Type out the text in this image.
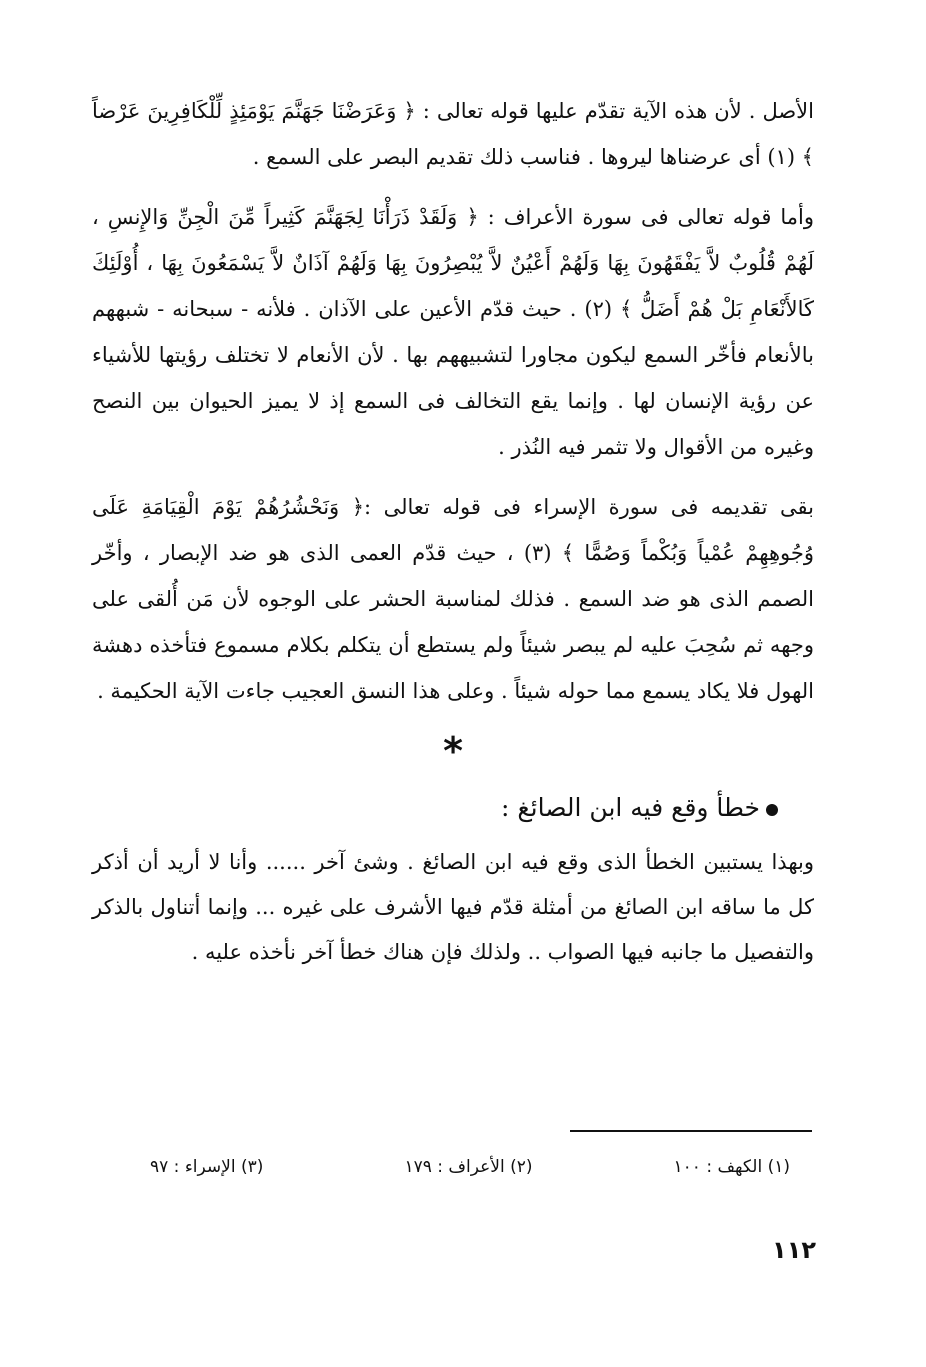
الأصل . لأن هذه الآية تقدّم عليها قوله تعالى : ﴿ وَعَرَضْنَا جَهَنَّمَ يَوْمَئِذٍ لِّلْكَافِرِينَ عَرْضاً ﴾ (١) أى عرضناها ليروها . فناسب ذلك تقديم البصر على السمع .

وأما قوله تعالى فى سورة الأعراف : ﴿ وَلَقَدْ ذَرَأْنَا لِجَهَنَّمَ كَثِيراً مِّنَ الْجِنِّ وَالإِنسِ ، لَهُمْ قُلُوبٌ لاَّ يَفْقَهُونَ بِهَا وَلَهُمْ أَعْيُنٌ لاَّ يُبْصِرُونَ بِهَا وَلَهُمْ آذَانٌ لاَّ يَسْمَعُونَ بِهَا ، أُوْلَئِكَ كَالأَنْعَامِ بَلْ هُمْ أَضَلُّ ﴾ (٢) . حيث قدّم الأعين على الآذان . فلأنه - سبحانه - شبههم بالأنعام فأخّر السمع ليكون مجاورا لتشبيههم بها . لأن الأنعام لا تختلف رؤيتها للأشياء عن رؤية الإنسان لها . وإنما يقع التخالف فى السمع إذ لا يميز الحيوان بين النصح وغيره من الأقوال ولا تثمر فيه النُذر .

بقى تقديمه فى سورة الإسراء فى قوله تعالى :﴿ وَنَحْشُرُهُمْ يَوْمَ الْقِيَامَةِ عَلَى وُجُوهِهِمْ عُمْياً وَبُكْماً وَصُمًّا ﴾ (٣) ، حيث قدّم العمى الذى هو ضد الإبصار ، وأخّر الصمم الذى هو ضد السمع . فذلك لمناسبة الحشر على الوجوه لأن مَن أُلقى على وجهه ثم سُحِبَ عليه لم يبصر شيئاً ولم يستطع أن يتكلم بكلام مسموع فتأخذه دهشة الهول فلا يكاد يسمع مما حوله شيئاً . وعلى هذا النسق العجيب جاءت الآية الحكيمة .

*
خطأ وقع فيه ابن الصائغ :

وبهذا يستبين الخطأ الذى وقع فيه ابن الصائغ . وشئ آخر ...... وأنا لا أريد أن أذكر كل ما ساقه ابن الصائغ من أمثلة قدّم فيها الأشرف على غيره ... وإنما أتناول بالذكر والتفصيل ما جانبه فيها الصواب .. ولذلك فإن هناك خطأ آخر نأخذه عليه .

(١) الكهف : ١٠٠
(٢) الأعراف : ١٧٩
(٣) الإسراء : ٩٧
١١٢
